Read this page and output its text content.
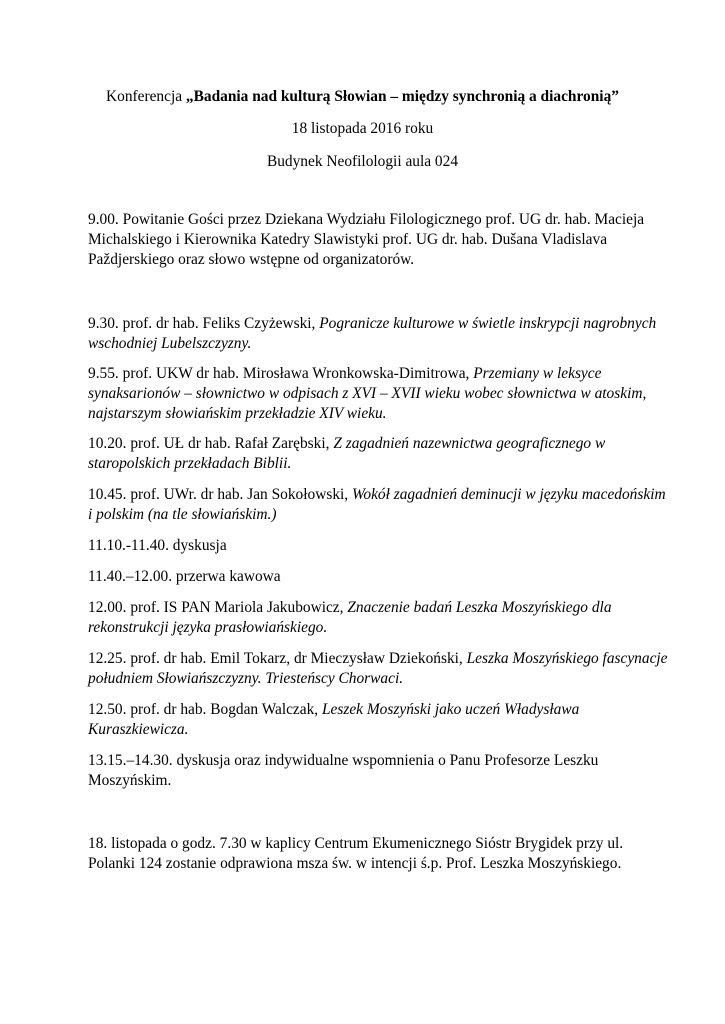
Konferencja „Badania nad kulturą Słowian – między synchronią a diachronią”
18 listopada 2016 roku
Budynek Neofilologii aula 024
9.00. Powitanie Gości przez Dziekana Wydziału Filologicznego prof. UG dr. hab. Macieja
Michalskiego i Kierownika Katedry Slawistyki prof. UG dr. hab. Dušana Vladislava
Paždjerskiego oraz słowo wstępne od organizatorów.
9.30. prof. dr hab. Feliks Czyżewski, Pogranicze kulturowe w świetle inskrypcji nagrobnych
wschodniej Lubelszczyzny.
9.55. prof. UKW dr hab. Mirosława Wronkowska-Dimitrowa, Przemiany w leksyce
synaksarionów – słownictwo w odpisach z XVI – XVII wieku wobec słownictwa w atoskim,
najstarszym słowiańskim przekładzie XIV wieku.
10.20. prof. UŁ dr hab. Rafał Zarębski, Z zagadnień nazewnictwa geograficznego w
staropolskich przekładach Biblii.
10.45. prof. UWr. dr hab. Jan Sokołowski, Wokół zagadnień deminucji w języku macedońskim
i polskim (na tle słowiańskim.)
11.10.-11.40. dyskusja
11.40.–12.00. przerwa kawowa
12.00. prof. IS PAN Mariola Jakubowicz, Znaczenie badań Leszka Moszyńskiego dla
rekonstrukcji języka prasłowiańskiego.
12.25. prof. dr hab. Emil Tokarz, dr Mieczysław Dziekoński, Leszka Moszyńskiego fascynacje
południem Słowiańszczyzny. Triesteńscy Chorwaci.
12.50. prof. dr hab. Bogdan Walczak, Leszek Moszyński jako uczeń Władysława
Kuraszkiewicza.
13.15.–14.30. dyskusja oraz indywidualne wspomnienia o Panu Profesorze Leszku
Moszyńskim.
18. listopada o godz. 7.30 w kaplicy Centrum Ekumenicznego Sióstr Brygidek przy ul.
Polanki 124 zostanie odprawiona msza św. w intencji ś.p. Prof. Leszka Moszyńskiego.
